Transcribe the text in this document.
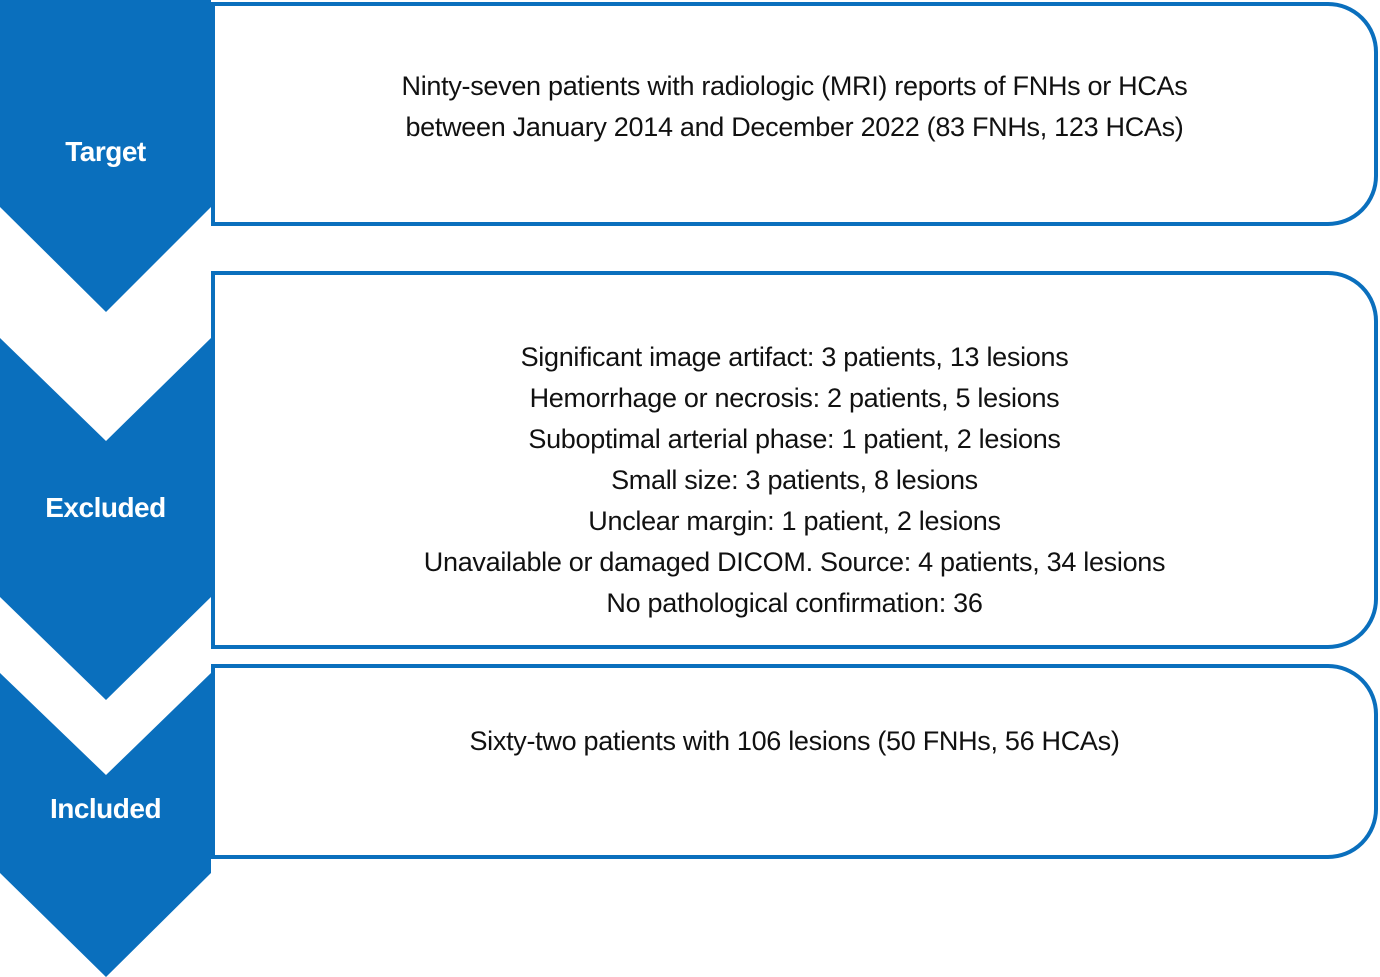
Target
Excluded
Included
Ninty-seven patients with radiologic (MRI) reports of FNHs or HCAs
between January 2014 and December 2022 (83 FNHs, 123 HCAs)
Significant image artifact: 3 patients, 13 lesions
Hemorrhage or necrosis: 2 patients, 5 lesions
Suboptimal arterial phase: 1 patient, 2 lesions
Small size: 3 patients, 8 lesions
Unclear margin: 1 patient, 2 lesions
Unavailable or damaged DICOM. Source: 4 patients, 34 lesions
No pathological confirmation: 36
Sixty-two patients with 106 lesions (50 FNHs, 56 HCAs)
